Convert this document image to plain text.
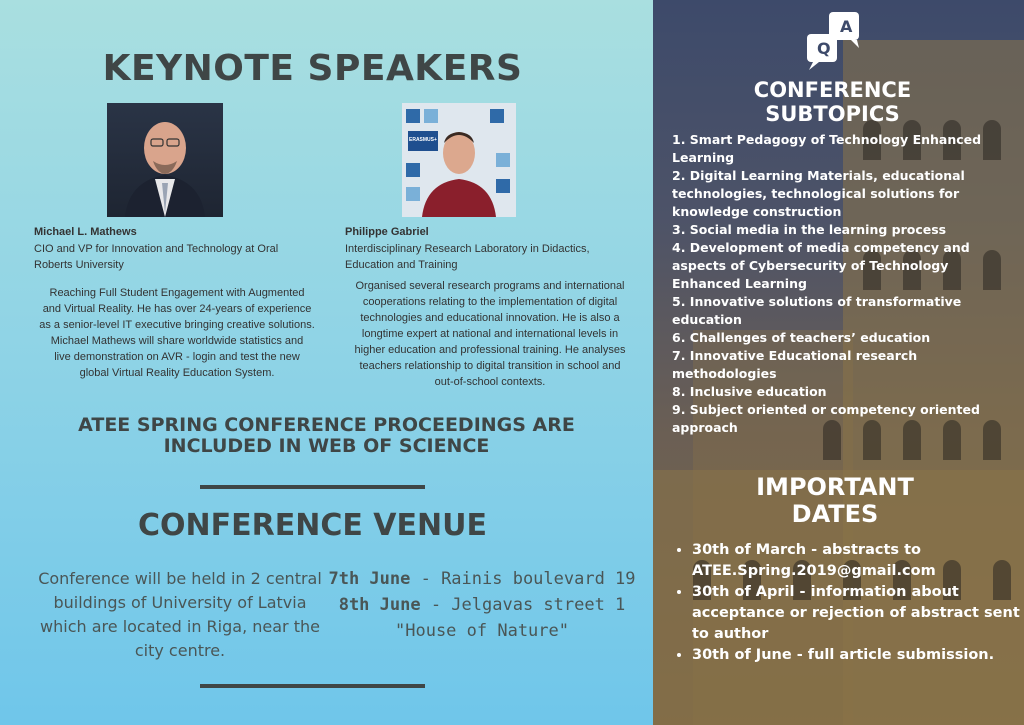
KEYNOTE SPEAKERS
ERASMUS+
Michael L. Mathews
CIO and VP for Innovation and Technology at Oral
Roberts University
Reaching Full Student Engagement with Augmented
and Virtual Reality. He has over 24-years of experience
as a senior-level IT executive bringing creative solutions.
Michael Mathews will share worldwide statistics and
live demonstration on AVR - login and test the new
global Virtual Reality Education System.
Philippe Gabriel
Interdisciplinary Research Laboratory in Didactics,
Education and Training
Organised several research programs and international
cooperations relating to the implementation of digital
technologies and educational innovation. He is also a
longtime expert at national and international levels in
higher education and professional training. He analyses
teachers relationship to digital transition in school and
out-of-school contexts.
ATEE SPRING CONFERENCE PROCEEDINGS ARE
INCLUDED IN WEB OF SCIENCE
CONFERENCE VENUE
Conference will be held in 2 central
buildings of University of Latvia
which are located in Riga, near the
city centre.
7th June - Rainis boulevard 19
8th June - Jelgavas street 1
"House of Nature"
A
Q
CONFERENCE
SUBTOPICS
1. Smart Pedagogy of Technology Enhanced Learning
2. Digital Learning Materials, educational technologies, technological solutions for knowledge construction
3. Social media in the learning process
4. Development of media competency and aspects of Cybersecurity of Technology Enhanced Learning
5. Innovative solutions of transformative education
6. Challenges of teachers’ education
7. Innovative Educational research methodologies
8. Inclusive education
9. Subject oriented or competency oriented approach
IMPORTANT
DATES
• 30th of March - abstracts to ATEE.Spring.2019@gmail.com
• 30th of April - information about acceptance or rejection of abstract sent to author
• 30th of June - full article submission.
